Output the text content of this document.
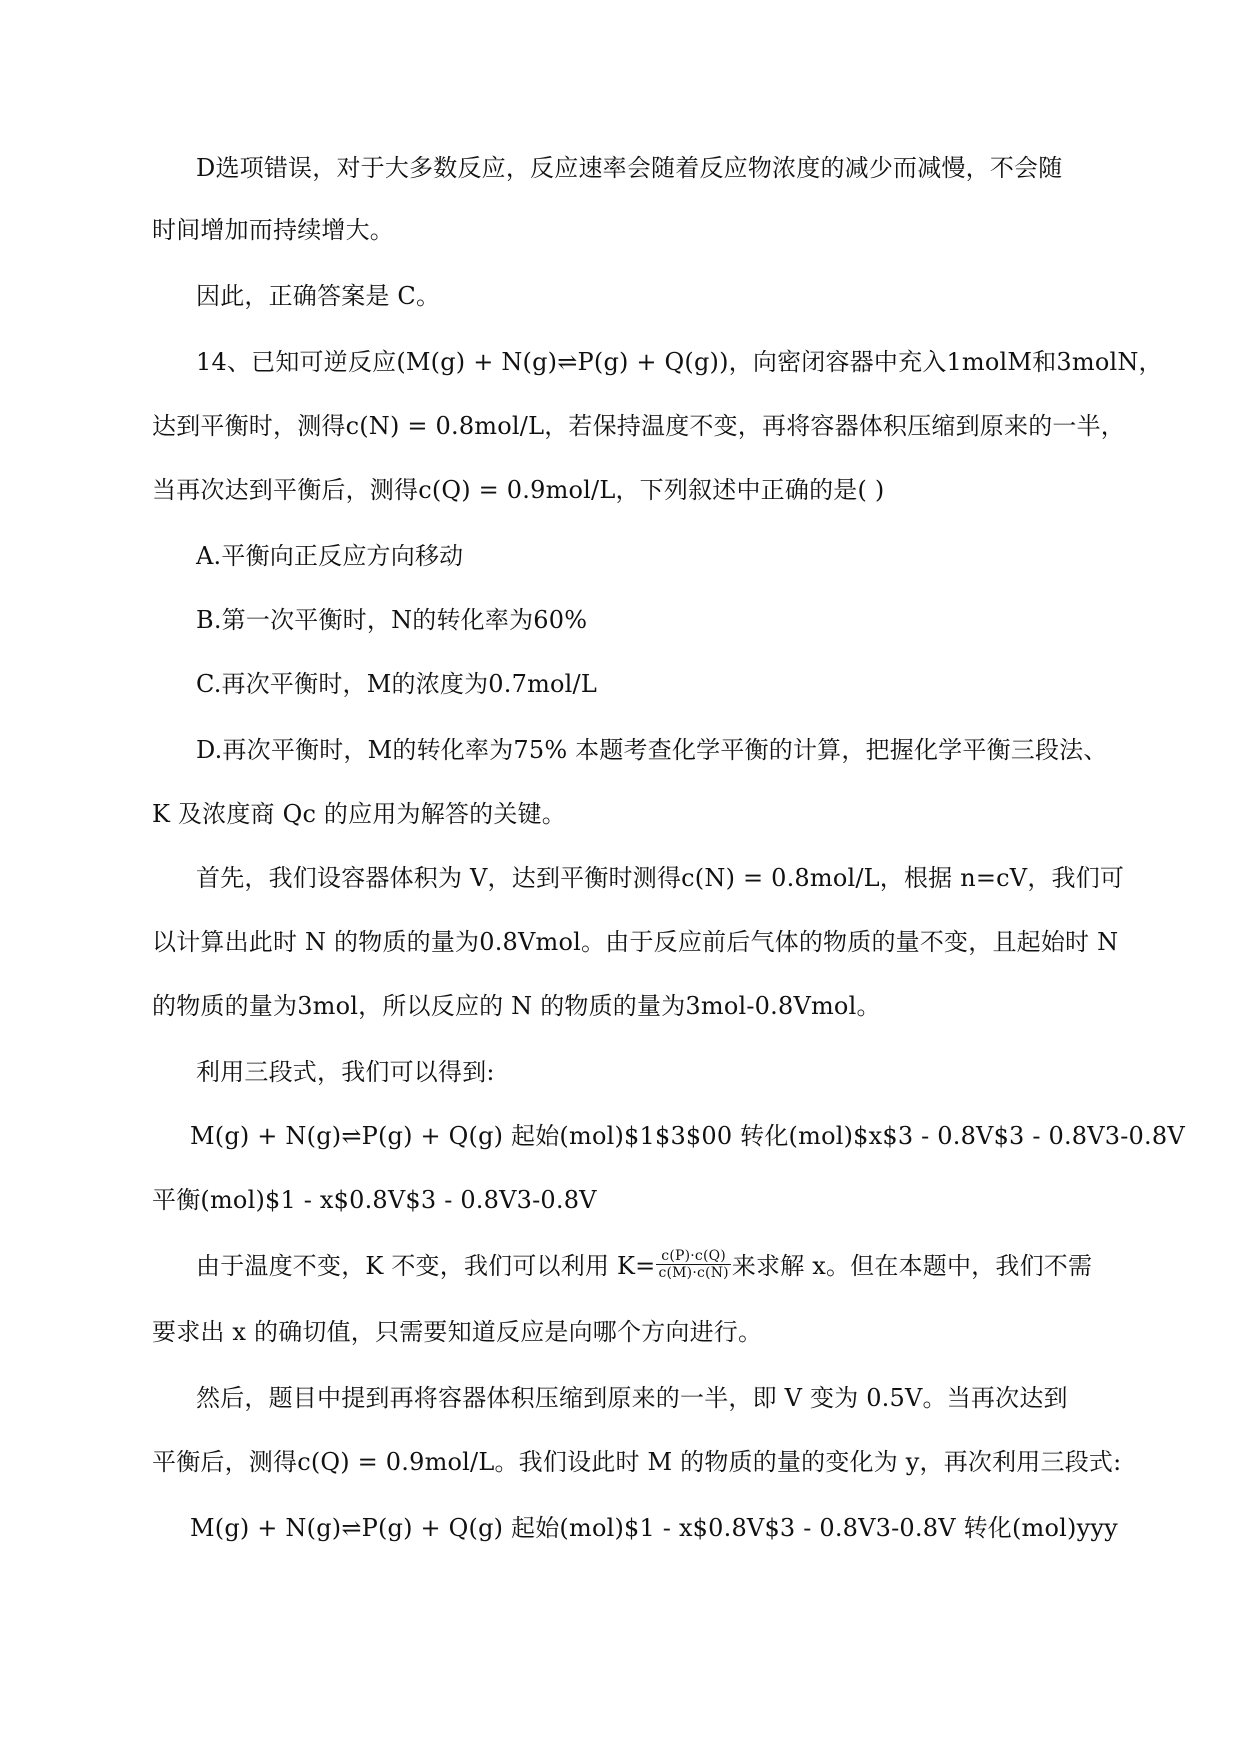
D选项错误，对于大多数反应，反应速率会随着反应物浓度的减少而减慢，不会随
时间增加而持续增大。
因此，正确答案是 C。
14、已知可逆反应(M(g) + N(g)⇌P(g) + Q(g))，向密闭容器中充入1molM和3molN，
达到平衡时，测得c(N) = 0.8mol/L，若保持温度不变，再将容器体积压缩到原来的一半，
当再次达到平衡后，测得c(Q) = 0.9mol/L，下列叙述中正确的是( )
A.平衡向正反应方向移动
B.第一次平衡时，N的转化率为60%
C.再次平衡时，M的浓度为0.7mol/L
D.再次平衡时，M的转化率为75% 本题考查化学平衡的计算，把握化学平衡三段法、
K 及浓度商 Qc 的应用为解答的关键。
首先，我们设容器体积为 V，达到平衡时测得c(N) = 0.8mol/L，根据 n=cV，我们可
以计算出此时 N 的物质的量为0.8Vmol。由于反应前后气体的物质的量不变，且起始时 N
的物质的量为3mol，所以反应的 N 的物质的量为3mol-0.8Vmol。
利用三段式，我们可以得到:
M(g) + N(g)⇌P(g) + Q(g) 起始(mol)$1$3$00 转化(mol)$x$3 - 0.8V$3 - 0.8V3-0.8V
平衡(mol)$1 - x$0.8V$3 - 0.8V3-0.8V
由于温度不变，K 不变，我们可以利用 $K= \frac{c(P)\cdot c(Q)}{c(M)\cdot c(N)}$ 来求解 x。但在本题中，我们不需
要求出 x 的确切值，只需要知道反应是向哪个方向进行。
然后，题目中提到再将容器体积压缩到原来的一半，即 V 变为 0.5V。当再次达到
平衡后，测得c(Q) = 0.9mol/L。我们设此时 M 的物质的量的变化为 y，再次利用三段式:
M(g) + N(g)⇌P(g) + Q(g) 起始(mol)$1 - x$0.8V$3 - 0.8V3-0.8V 转化(mol)yyy
